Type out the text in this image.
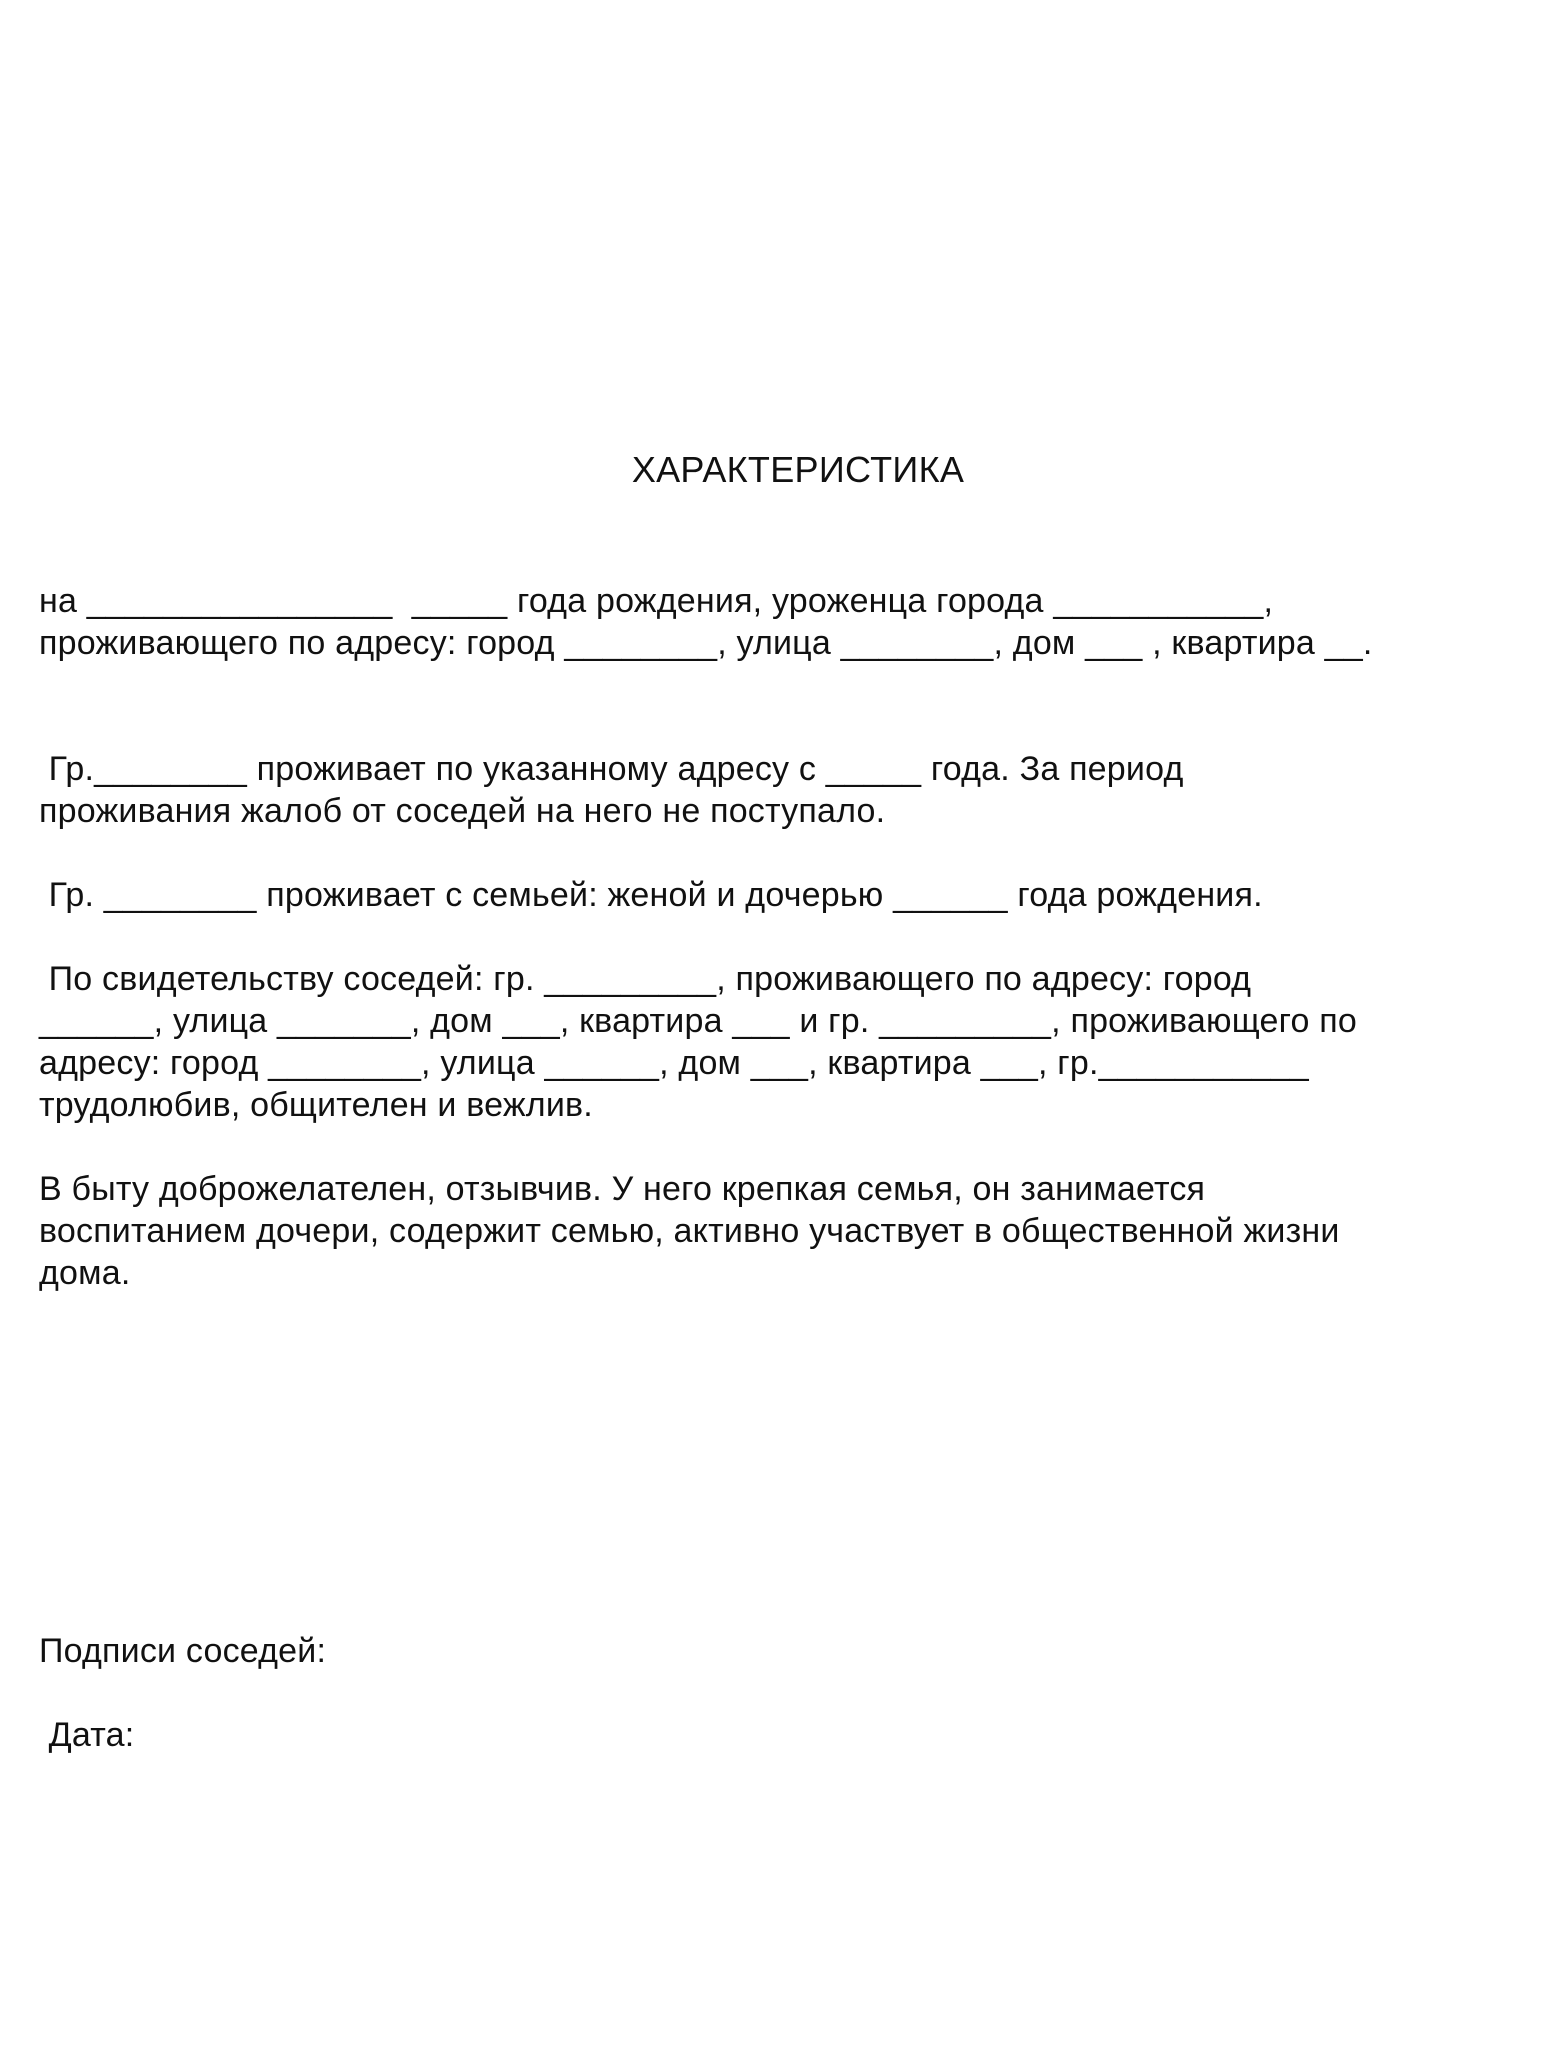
ХАРАКТЕРИСТИКА
на ________________  _____ года рождения, уроженца города ___________,
проживающего по адресу: город ________, улица ________, дом ___ , квартира __.
Гр.________ проживает по указанному адресу с _____ года. За период
проживания жалоб от соседей на него не поступало.
Гр. ________ проживает с семьей: женой и дочерью ______ года рождения.
По свидетельству соседей: гр. _________, проживающего по адресу: город
______, улица _______, дом ___, квартира ___ и гр. _________, проживающего по
адресу: город ________, улица ______, дом ___, квартира ___, гр.___________
трудолюбив, общителен и вежлив.
В быту доброжелателен, отзывчив. У него крепкая семья, он занимается
воспитанием дочери, содержит семью, активно участвует в общественной жизни
дома.
Подписи соседей:
Дата:
